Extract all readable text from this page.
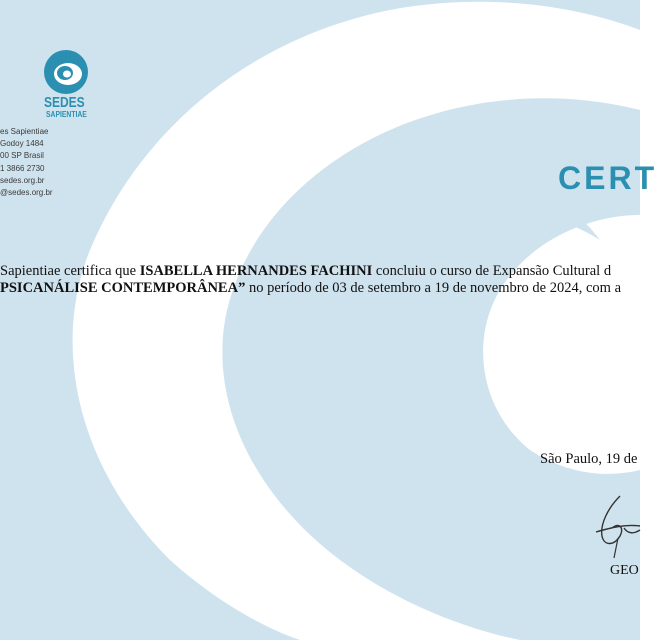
SEDES
SAPIENTIAE
es Sapientiae
Godoy 1484
00 SP Brasil
1 3866 2730
sedes.org.br
@sedes.org.br	CERT
Sapientiae certifica que ISABELLA HERNANDES FACHINI concluiu o curso de Expansão Cultural d
PSICANÁLISE CONTEMPORÂNEA” no período de 03 de setembro a 19 de novembro de 2024, com a
São Paulo, 19 de
GEO
